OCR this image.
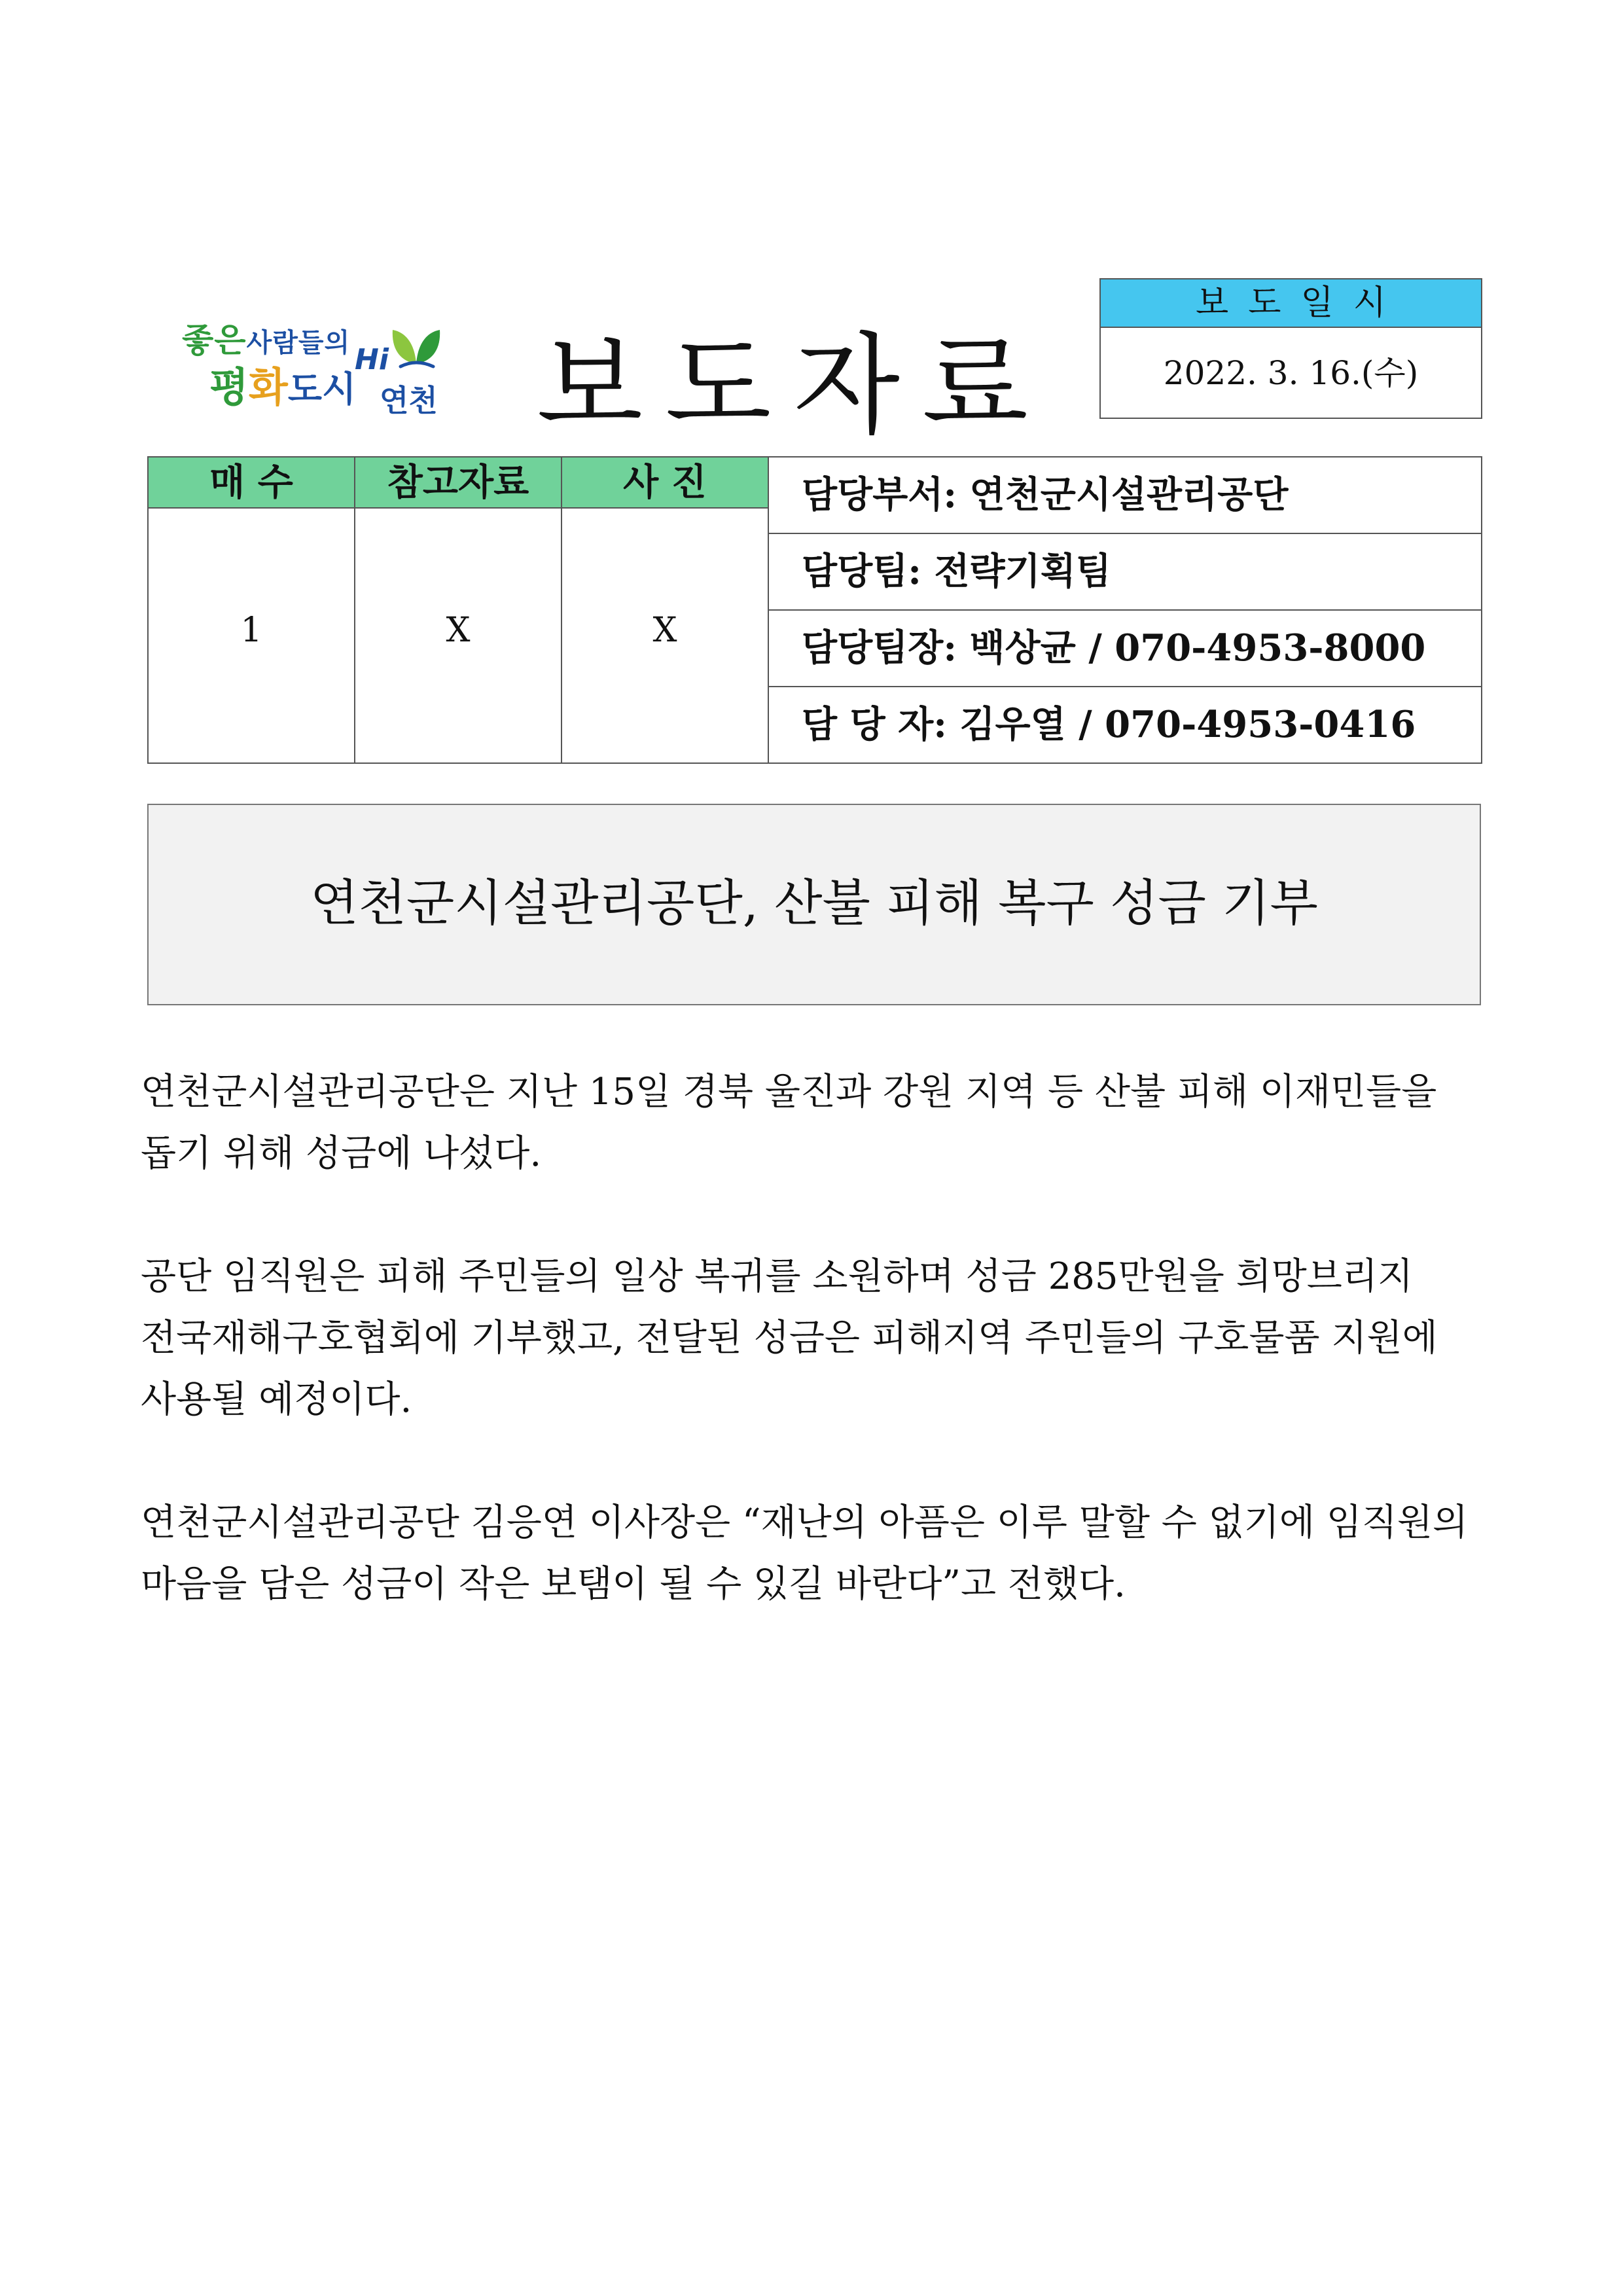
좋은사람들의
평화도시
Hi
연천 보도자료
보도일시
2022. 3. 16.(수)
매 수	참고자료	사 진
1	X	X
담당부서: 연천군시설관리공단
담당팀: 전략기획팀
담당팀장: 백상균 / 070-4953-8000
담 당 자: 김우열 / 070-4953-0416
연천군시설관리공단, 산불 피해 복구 성금 기부
연천군시설관리공단은 지난 15일 경북 울진과 강원 지역 등 산불 피해 이재민들을
돕기 위해 성금에 나섰다.
공단 임직원은 피해 주민들의 일상 복귀를 소원하며 성금 285만원을 희망브리지
전국재해구호협회에 기부했고, 전달된 성금은 피해지역 주민들의 구호물품 지원에
사용될 예정이다.
연천군시설관리공단 김응연 이사장은 “재난의 아픔은 이루 말할 수 없기에 임직원의
마음을 담은 성금이 작은 보탬이 될 수 있길 바란다”고 전했다.
